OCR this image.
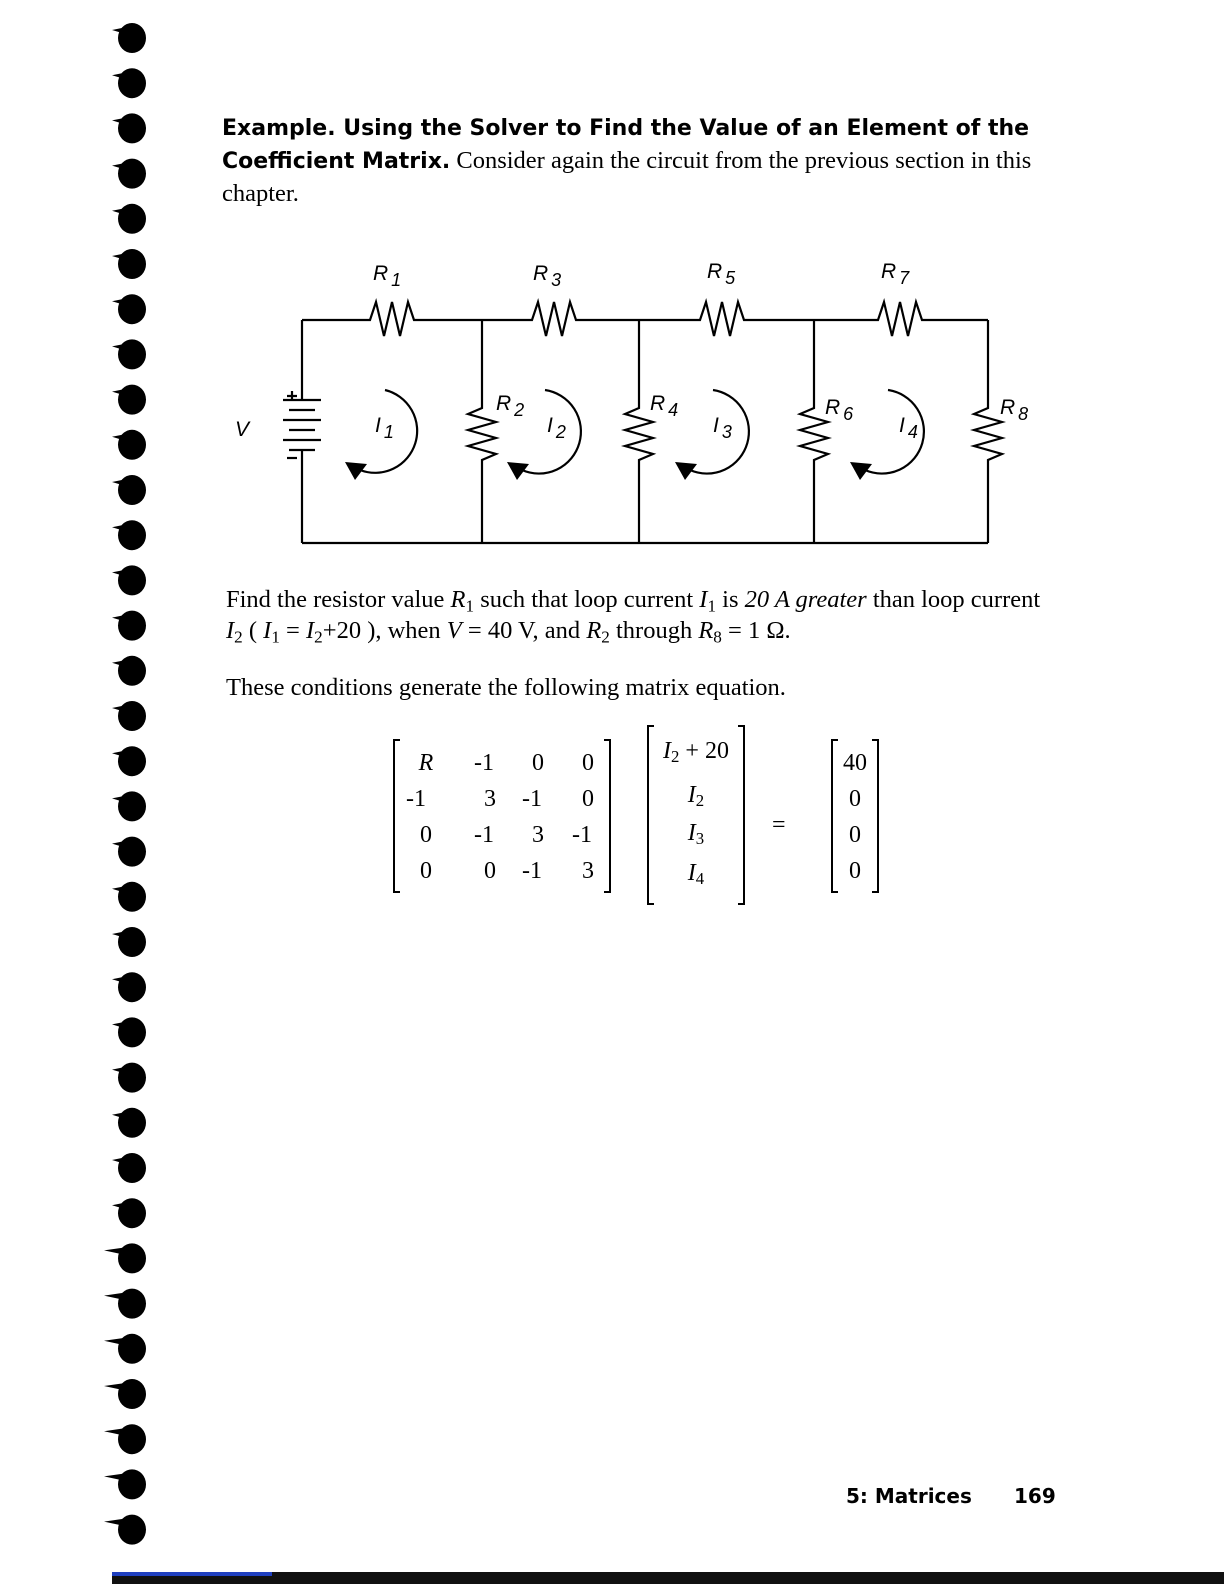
Example. Using the Solver to Find the Value of an Element of the Coefficient Matrix. Consider again the circuit from the previous section in this chapter.
V
R 1	R 3	R 5	R 7
R 2	R 4	R 6	R 8
I 1	I 2	I 3	I 4
Find the resistor value $R_1$ such that loop current $I_1$ is 20 A greater than loop current $I_2$ ( $I_1 = I_2+20$ ), when V = 40 V, and $R_2$ through $R_8 = 1$ Ω.
These conditions generate the following matrix equation.
R	-1	0	0
-1	3	-1	0
0	-1	3	-1
0	0	-1	3
$I_2 + 20$
$I_2$
$I_3$
$I_4$
=
40
0
0
0
5: Matrices 169
